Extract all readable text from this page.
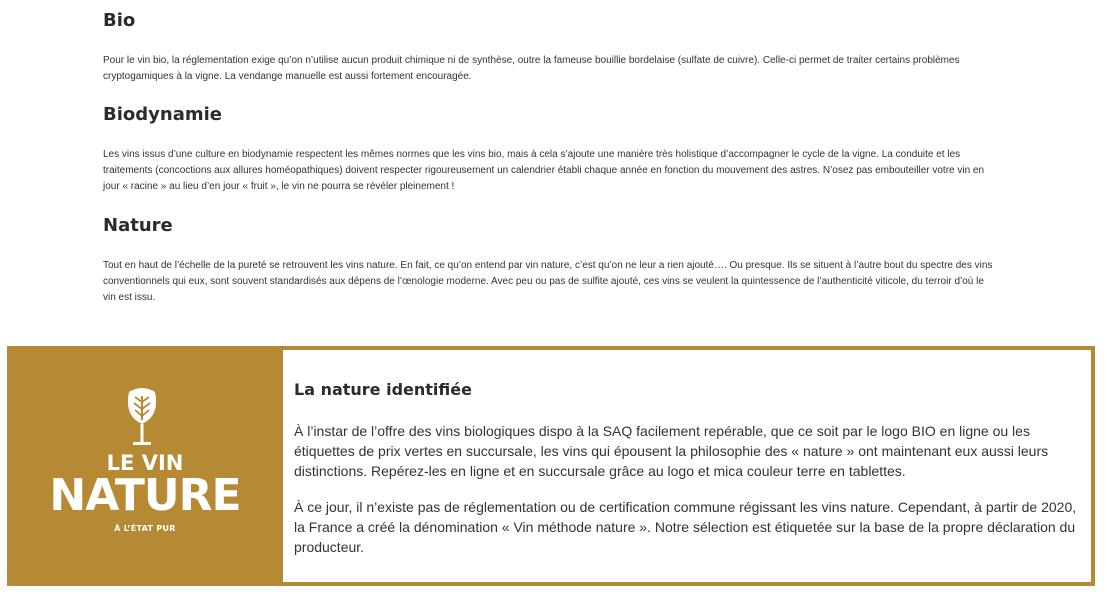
Bio

Pour le vin bio, la réglementation exige qu’on n’utilise aucun produit chimique ni de synthèse, outre la fameuse bouillie bordelaise (sulfate de cuivre). Celle-ci permet de traiter certains problèmes cryptogamiques à la vigne. La vendange manuelle est aussi fortement encouragée.

Biodynamie

Les vins issus d’une culture en biodynamie respectent les mêmes normes que les vins bio, mais à cela s’ajoute une manière très holistique d’accompagner le cycle de la vigne. La conduite et les traitements (concoctions aux allures homéopathiques) doivent respecter rigoureusement un calendrier établi chaque année en fonction du mouvement des astres. N’osez pas embouteiller votre vin en jour « racine » au lieu d’en jour « fruit », le vin ne pourra se révéler pleinement !

Nature

Tout en haut de l’échelle de la pureté se retrouvent les vins nature. En fait, ce qu’on entend par vin nature, c’est qu’on ne leur a rien ajouté…. Ou presque. Ils se situent à l’autre bout du spectre des vins conventionnels qui eux, sont souvent standardisés aux dépens de l’œnologie moderne. Avec peu ou pas de sulfite ajouté, ces vins se veulent la quintessence de l’authenticité viticole, du terroir d’où le vin est issu.

LE VIN
NATURE
À L’ÉTAT PUR
La nature identifiée

À l’instar de l’offre des vins biologiques dispo à la SAQ facilement repérable, que ce soit par le logo BIO en ligne ou les étiquettes de prix vertes en succursale, les vins qui épousent la philosophie des « nature » ont maintenant eux aussi leurs distinctions. Repérez-les en ligne et en succursale grâce au logo et mica couleur terre en tablettes.

À ce jour, il n’existe pas de réglementation ou de certification commune régissant les vins nature. Cependant, à partir de 2020, la France a créé la dénomination « Vin méthode nature ». Notre sélection est étiquetée sur la base de la propre déclaration du producteur.
